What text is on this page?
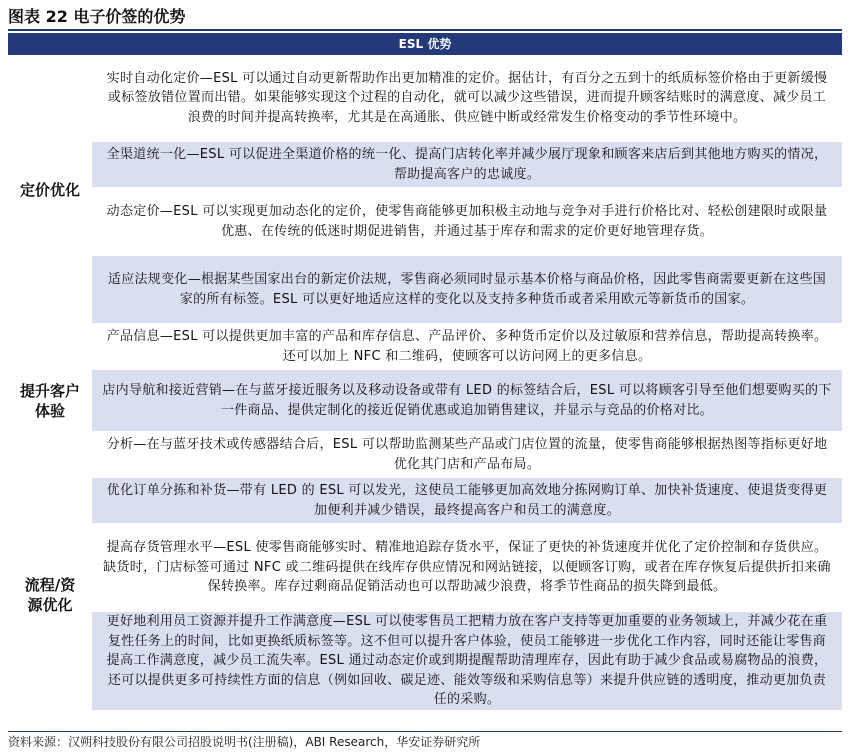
图表 22 电子价签的优势
ESL 优势
定价优化
实时自动化定价—ESL 可以通过自动更新帮助作出更加精准的定价。据估计，有百分之五到十的纸质标签价格由于更新缓慢或标签放错位置而出错。如果能够实现这个过程的自动化，就可以减少这些错误，进而提升顾客结账时的满意度、减少员工浪费的时间并提高转换率，尤其是在高通胀、供应链中断或经常发生价格变动的季节性环境中。
全渠道统一化—ESL 可以促进全渠道价格的统一化、提高门店转化率并减少展厅现象和顾客来店后到其他地方购买的情况，帮助提高客户的忠诚度。
动态定价—ESL 可以实现更加动态化的定价，使零售商能够更加积极主动地与竞争对手进行价格比对、轻松创建限时或限量优惠、在传统的低迷时期促进销售，并通过基于库存和需求的定价更好地管理存货。
适应法规变化—根据某些国家出台的新定价法规，零售商必须同时显示基本价格与商品价格，因此零售商需要更新在这些国家的所有标签。ESL 可以更好地适应这样的变化以及支持多种货币或者采用欧元等新货币的国家。
提升客户体验
产品信息—ESL 可以提供更加丰富的产品和库存信息、产品评价、多种货币定价以及过敏原和营养信息，帮助提高转换率。还可以加上 NFC 和二维码，使顾客可以访问网上的更多信息。
店内导航和接近营销—在与蓝牙接近服务以及移动设备或带有 LED 的标签结合后，ESL 可以将顾客引导至他们想要购买的下一件商品、提供定制化的接近促销优惠或追加销售建议，并显示与竞品的价格对比。
分析—在与蓝牙技术或传感器结合后，ESL 可以帮助监测某些产品或门店位置的流量，使零售商能够根据热图等指标更好地优化其门店和产品布局。
流程/资源优化
优化订单分拣和补货—带有 LED 的 ESL 可以发光，这使员工能够更加高效地分拣网购订单、加快补货速度、使退货变得更加便利并减少错误，最终提高客户和员工的满意度。
提高存货管理水平—ESL 使零售商能够实时、精准地追踪存货水平，保证了更快的补货速度并优化了定价控制和存货供应。缺货时，门店标签可通过 NFC 或二维码提供在线库存供应情况和网站链接，以便顾客订购，或者在库存恢复后提供折扣来确保转换率。库存过剩商品促销活动也可以帮助减少浪费，将季节性商品的损失降到最低。
更好地利用员工资源并提升工作满意度—ESL 可以使零售员工把精力放在客户支持等更加重要的业务领域上，并减少花在重复性任务上的时间，比如更换纸质标签等。这不但可以提升客户体验，使员工能够进一步优化工作内容，同时还能让零售商提高工作满意度，减少员工流失率。ESL 通过动态定价或到期提醒帮助清理库存，因此有助于减少食品或易腐物品的浪费，还可以提供更多可持续性方面的信息（例如回收、碳足迹、能效等级和采购信息等）来提升供应链的透明度，推动更加负责任的采购。
资料来源：汉朔科技股份有限公司招股说明书(注册稿)，ABI Research，华安证券研究所
